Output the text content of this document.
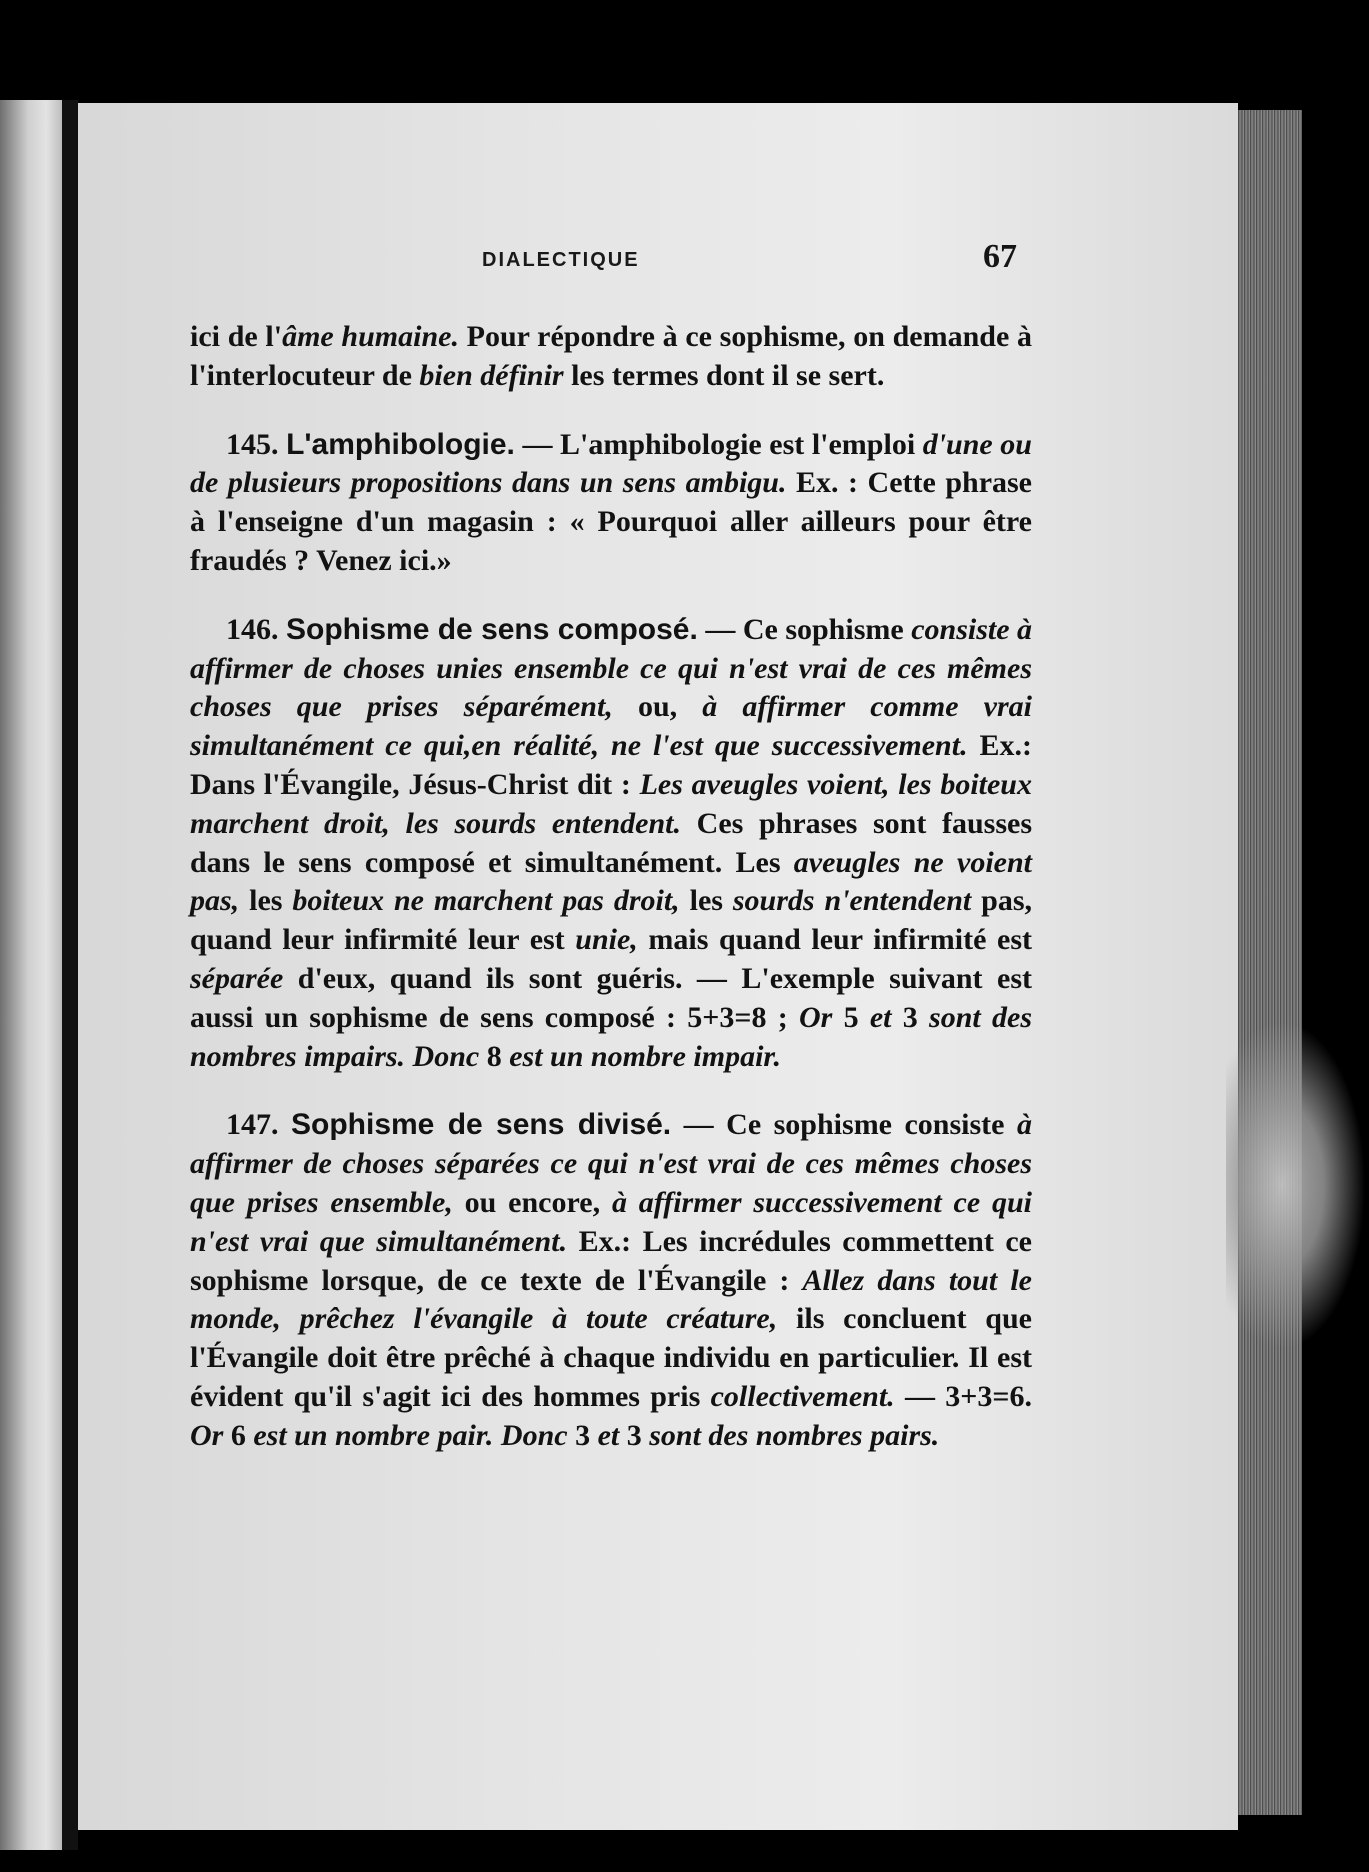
DIALECTIQUE	67

ici de l'âme humaine. Pour répondre à ce sophisme, on demande à l'interlocuteur de bien définir les termes dont il se sert.

145. L'amphibologie. — L'amphibologie est l'emploi d'une ou de plusieurs propositions dans un sens ambigu. Ex. : Cette phrase à l'enseigne d'un magasin : « Pourquoi aller ailleurs pour être fraudés ? Venez ici.»

146. Sophisme de sens composé. — Ce sophisme consiste à affirmer de choses unies ensemble ce qui n'est vrai de ces mêmes choses que prises séparément, ou, à affirmer comme vrai simultanément ce qui,en réalité, ne l'est que successivement. Ex.: Dans l'Évangile, Jésus-Christ dit : Les aveugles voient, les boiteux marchent droit, les sourds entendent. Ces phrases sont fausses dans le sens composé et simultanément. Les aveugles ne voient pas, les boiteux ne marchent pas droit, les sourds n'entendent pas, quand leur infirmité leur est unie, mais quand leur infirmité est séparée d'eux, quand ils sont guéris. — L'exemple suivant est aussi un sophisme de sens composé : 5+3=8 ; Or 5 et 3 sont des nombres impairs. Donc 8 est un nombre impair.

147. Sophisme de sens divisé. — Ce sophisme consiste à affirmer de choses séparées ce qui n'est vrai de ces mêmes choses que prises ensemble, ou encore, à affirmer successivement ce qui n'est vrai que simultanément. Ex.: Les incrédules commettent ce sophisme lorsque, de ce texte de l'Évangile : Allez dans tout le monde, prêchez l'évangile à toute créature, ils concluent que l'Évangile doit être prêché à chaque individu en particulier. Il est évident qu'il s'agit ici des hommes pris collectivement. — 3+3=6. Or 6 est un nombre pair. Donc 3 et 3 sont des nombres pairs.
